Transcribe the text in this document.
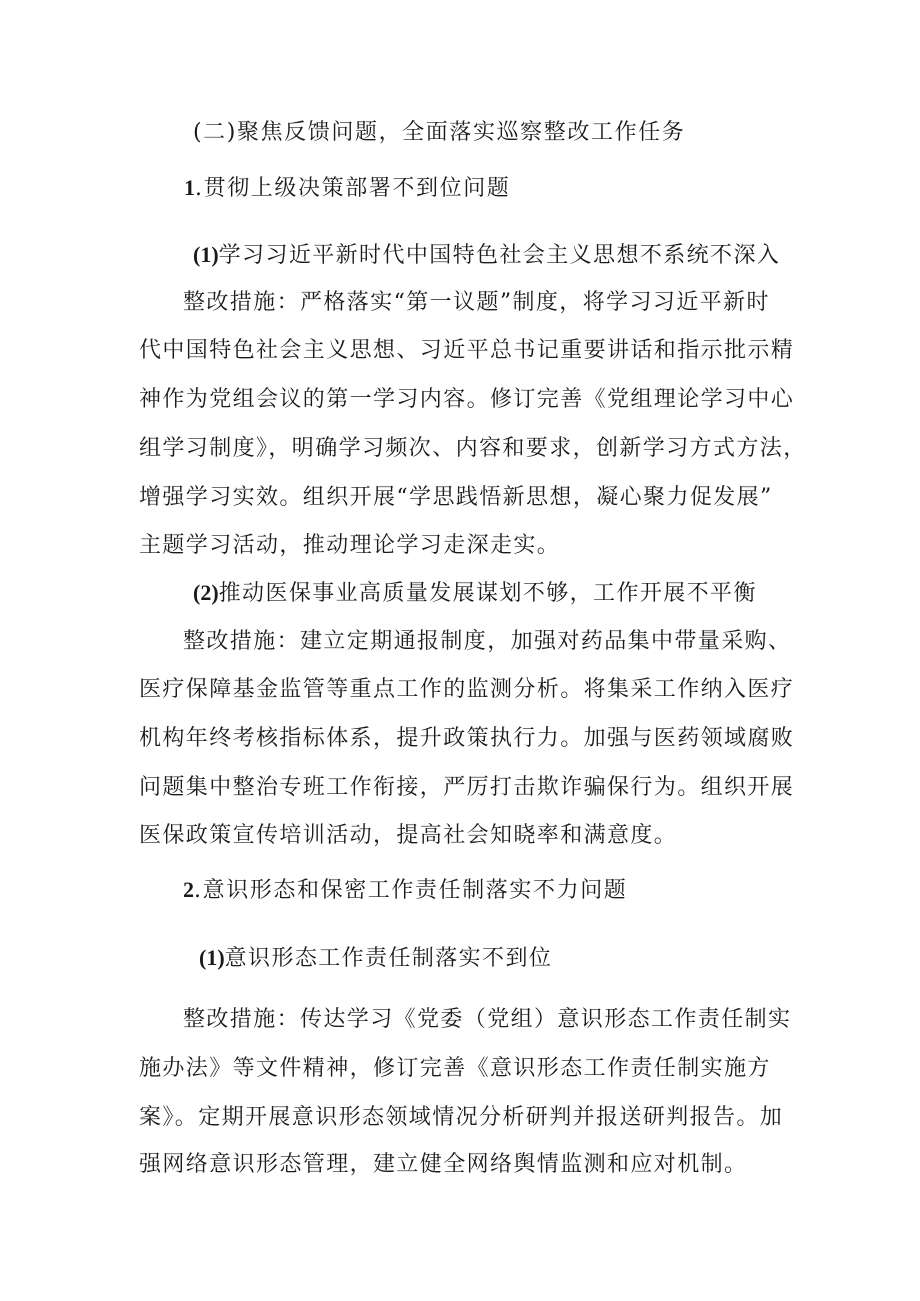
(二)聚焦反馈问题，全面落实巡察整改工作任务
1.贯彻上级决策部署不到位问题
(1)学习习近平新时代中国特色社会主义思想不系统不深入
整改措施：严格落实“第一议题”制度，将学习习近平新时
代中国特色社会主义思想、习近平总书记重要讲话和指示批示精
神作为党组会议的第一学习内容。修订完善《党组理论学习中心
组学习制度》，明确学习频次、内容和要求，创新学习方式方法，
增强学习实效。组织开展“学思践悟新思想，凝心聚力促发展”
主题学习活动，推动理论学习走深走实。
(2)推动医保事业高质量发展谋划不够，工作开展不平衡
整改措施：建立定期通报制度，加强对药品集中带量采购、
医疗保障基金监管等重点工作的监测分析。将集采工作纳入医疗
机构年终考核指标体系，提升政策执行力。加强与医药领域腐败
问题集中整治专班工作衔接，严厉打击欺诈骗保行为。组织开展
医保政策宣传培训活动，提高社会知晓率和满意度。
2.意识形态和保密工作责任制落实不力问题
(1)意识形态工作责任制落实不到位
整改措施：传达学习《党委（党组）意识形态工作责任制实
施办法》等文件精神，修订完善《意识形态工作责任制实施方
案》。定期开展意识形态领域情况分析研判并报送研判报告。加
强网络意识形态管理，建立健全网络舆情监测和应对机制。
